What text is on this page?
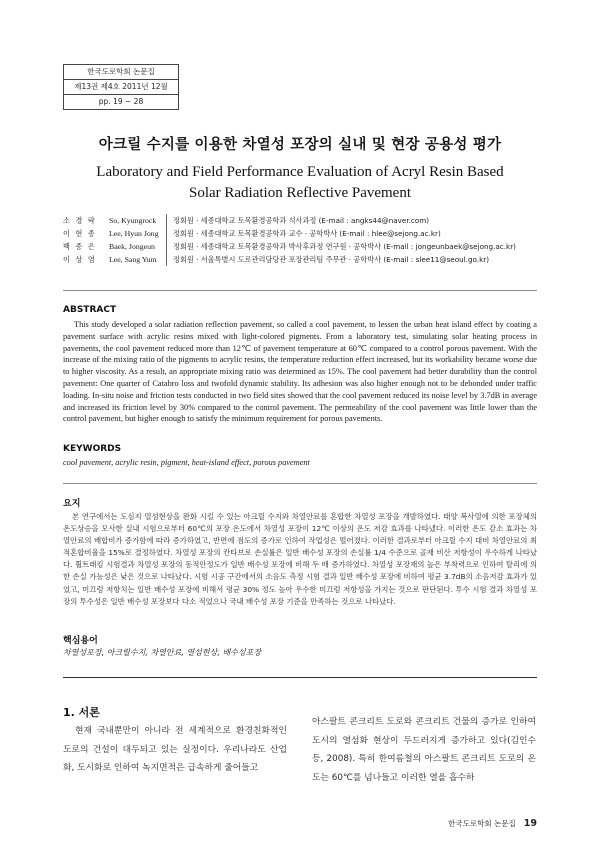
한국도로학회 논문집
제13권 제4호 2011년 12월
pp. 19 ~ 28
아크릴 수지를 이용한 차열성 포장의 실내 및 현장 공용성 평가
Laboratory and Field Performance Evaluation of Acryl Resin Based
Solar Radiation Reflective Pavement
소 경 락 So, Kyungrock 정회원 · 세종대학교 토목환경공학과 석사과정 (E-mail : angks44@naver.com)
이 현 종 Lee, Hyun Jong 정회원 · 세종대학교 토목환경공학과 교수 · 공학박사 (E-mail : hlee@sejong.ac.kr)
백 종 은 Baek, Jongeun	정회원 · 세종대학교 토목환경공학과 박사후과정 연구원 · 공학박사 (E-mail : jongeunbaek@sejong.ac.kr)
이 상 염 Lee, Sang Yum 정회원 · 서울특별시 도로관리담당관 포장관리팀 주무관 · 공학박사 (E-mail : slee11@seoul.go.kr)
ABSTRACT

This study developed a solar radiation reflection pavement, so called a cool pavement, to lessen the urban heat island effect by coating a pavement surface with acrylic resins mixed with light-colored pigments. From a laboratory test, simulating solar heating process in pavements, the cool pavement reduced more than 12℃ of pavement temperature at 60℃ compared to a control porous pavement. With the increase of the mixing ratio of the pigments to acrylic resins, the temperature reduction effect increased, but its workability became worse due to higher viscosity. As a result, an appropriate mixing ratio was determined as 15%. The cool pavement had better durability than the control pavement: One quarter of Catabro loss and twofold dynamic stability. Its adhesion was also higher enough not to be debonded under traffic loading. In-situ noise and friction tests conducted in two field sites showed that the cool pavement reduced its noise level by 3.7dB in average and increased its friction level by 30% compared to the control pavement. The permeability of the cool pavement was little lower than the control pavement, but higher enough to satisfy the minimum requirement for porous pavements.

KEYWORDS

cool pavement, acrylic resin, pigment, heat-island effect, porous pavement

요지

본 연구에서는 도심지 열섬현상을 완화 시킬 수 있는 아크릴 수지와 차열안료를 혼합한 차열성 포장을 개발하였다. 태양 복사열에 의한 포장체의 온도상승을 모사한 실내 시험으로부터 60℃의 포장 온도에서 차열성 포장이 12℃ 이상의 온도 저감 효과를 나타냈다. 이러한 온도 감소 효과는 차열안료의 배합비가 증가함에 따라 증가하였고, 반면에 점도의 증가로 인하여 작업성은 떨어졌다. 이러한 결과로부터 아크릴 수지 대비 차열안료의 최적혼합비율을 15%로 결정하였다. 차열성 포장의 칸타브로 손실률은 일반 배수성 포장의 손실률 1/4 수준으로 골재 비산 저항성이 우수하게 나타났다. 휠트래킹 시험결과 차열성 포장의 동적안정도가 일반 배수성 포장에 비해 두 배 증가하였다. 차열성 포장재의 높은 부착력으로 인하여 탈리에 의한 손실 가능성은 낮은 것으로 나타났다. 시험 시공 구간에서의 소음도 측정 시험 결과 일반 배수성 포장에 비하여 평균 3.7dB의 소음저감 효과가 있었고, 미끄럼 저항치는 일반 배수성 포장에 비해서 평균 30% 정도 높아 우수한 미끄럼 저항성을 가지는 것으로 판단된다. 투수 시험 결과 차열성 포장의 투수성은 일반 배수성 포장보다 다소 적었으나 국내 배수성 포장 기준을 만족하는 것으로 나타났다.

핵심용어

차열성포장, 아크릴수지, 차열안료, 열섬현상, 배수성포장

1. 서론

현재 국내뿐만이 아니라 전 세계적으로 환경친화적인 도로의 건설이 대두되고 있는 실정이다. 우리나라도 산업화, 도시화로 인하여 녹지면적은 급속하게 줄어들고

아스팔트 콘크리트 도로와 콘크리트 건물의 증가로 인하여 도시의 열섬화 현상이 두드러지게 증가하고 있다(김인수 등, 2008). 특히 한여름철의 아스팔트 콘크리트 도로의 온도는 60℃를 넘나들고 이러한 열을 흡수하

한국도로학회 논문집 19
